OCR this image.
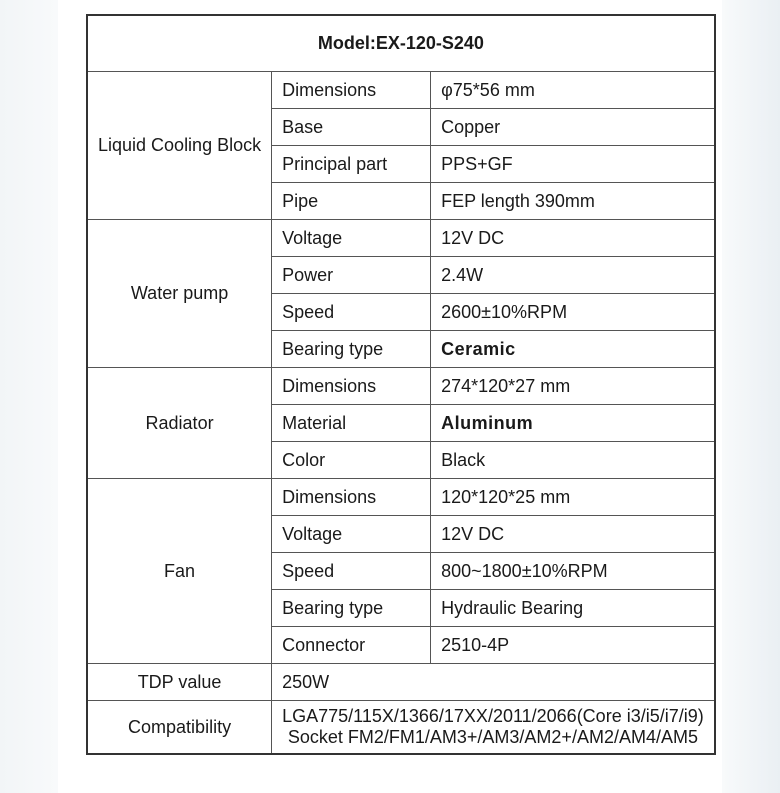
Model:EX-120-S240		
Liquid Cooling Block	Dimensions	φ75*56 mm
	Base	Copper
	Principal part	PPS+GF
	Pipe	FEP length 390mm
Water pump	Voltage	12V DC
	Power	2.4W
	Speed	2600±10%RPM
	Bearing type	Ceramic
Radiator	Dimensions	274*120*27 mm
	Material	Aluminum
	Color	Black
Fan	Dimensions	120*120*25 mm
	Voltage	12V DC
	Speed	800~1800±10%RPM
	Bearing type	Hydraulic Bearing
	Connector	2510-4P
TDP value	250W	
Compatibility	LGA775/115X/1366/17XX/2011/2066(Core i3/i5/i7/i9)
Socket FM2/FM1/AM3+/AM3/AM2+/AM2/AM4/AM5	
